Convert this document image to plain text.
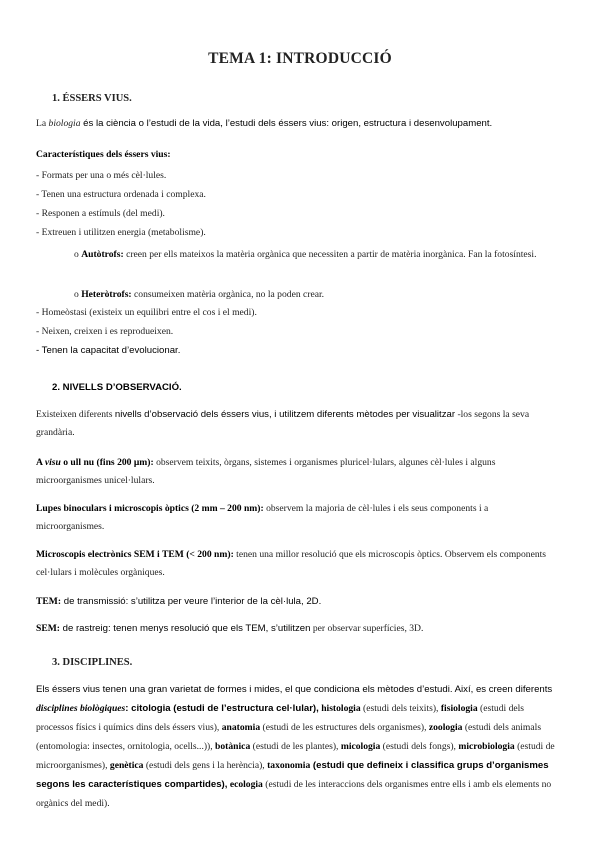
TEMA 1: INTRODUCCIÓ
1. ÉSSERS VIUS.
La biologia és la ciència o l’estudi de la vida, l’estudi dels éssers vius: origen, estructura i desenvolupament.
Característiques dels éssers vius:
- Formats per una o més cèl·lules.
- Tenen una estructura ordenada i complexa.
- Responen a estímuls (del medi).
- Extreuen i utilitzen energia (metabolisme).
o Autòtrofs: creen per ells mateixos la matèria orgànica que necessiten a partir de matèria inorgànica. Fan la fotosíntesi.
o Heteròtrofs: consumeixen matèria orgànica, no la poden crear.
- Homeòstasi (existeix un equilibri entre el cos i el medi).
- Neixen, creixen i es reprodueixen.
- Tenen la capacitat d’evolucionar.
2. NIVELLS D’OBSERVACIÓ.
Existeixen diferents nivells d’observació dels éssers vius, i utilitzem diferents mètodes per visualitzar -los segons la seva grandària.
A visu o ull nu (fins 200 μm): observem teixits, òrgans, sistemes i organismes pluricel·lulars, algunes cèl·lules i alguns microorganismes unicel·lulars.
Lupes binoculars i microscopis òptics (2 mm – 200 nm): observem la majoria de cèl·lules i els seus components i a microorganismes.
Microscopis electrònics SEM i TEM (< 200 nm): tenen una millor resolució que els microscopis òptics. Observem els components cel·lulars i molècules orgàniques.
TEM: de transmissió: s’utilitza per veure l’interior de la cèl·lula, 2D.
SEM: de rastreig: tenen menys resolució que els TEM, s’utilitzen per observar superfícies, 3D.
3. DISCIPLINES.
Els éssers vius tenen una gran varietat de formes i mides, el que condiciona els mètodes d’estudi. Així, es creen diferents disciplines biològiques: citologia (estudi de l’estructura cel·lular), histologia (estudi dels teixits), fisiologia (estudi dels processos físics i químics dins dels éssers vius), anatomia (estudi de les estructures dels organismes), zoologia (estudi dels animals (entomologia: insectes, ornitologia, ocells...)), botànica (estudi de les plantes), micologia (estudi dels fongs), microbiologia (estudi de microorganismes), genètica (estudi dels gens i la herència), taxonomia (estudi que defineix i classifica grups d’organismes segons les característiques compartides), ecologia (estudi de les interaccions dels organismes entre ells i amb els elements no orgànics del medi).
